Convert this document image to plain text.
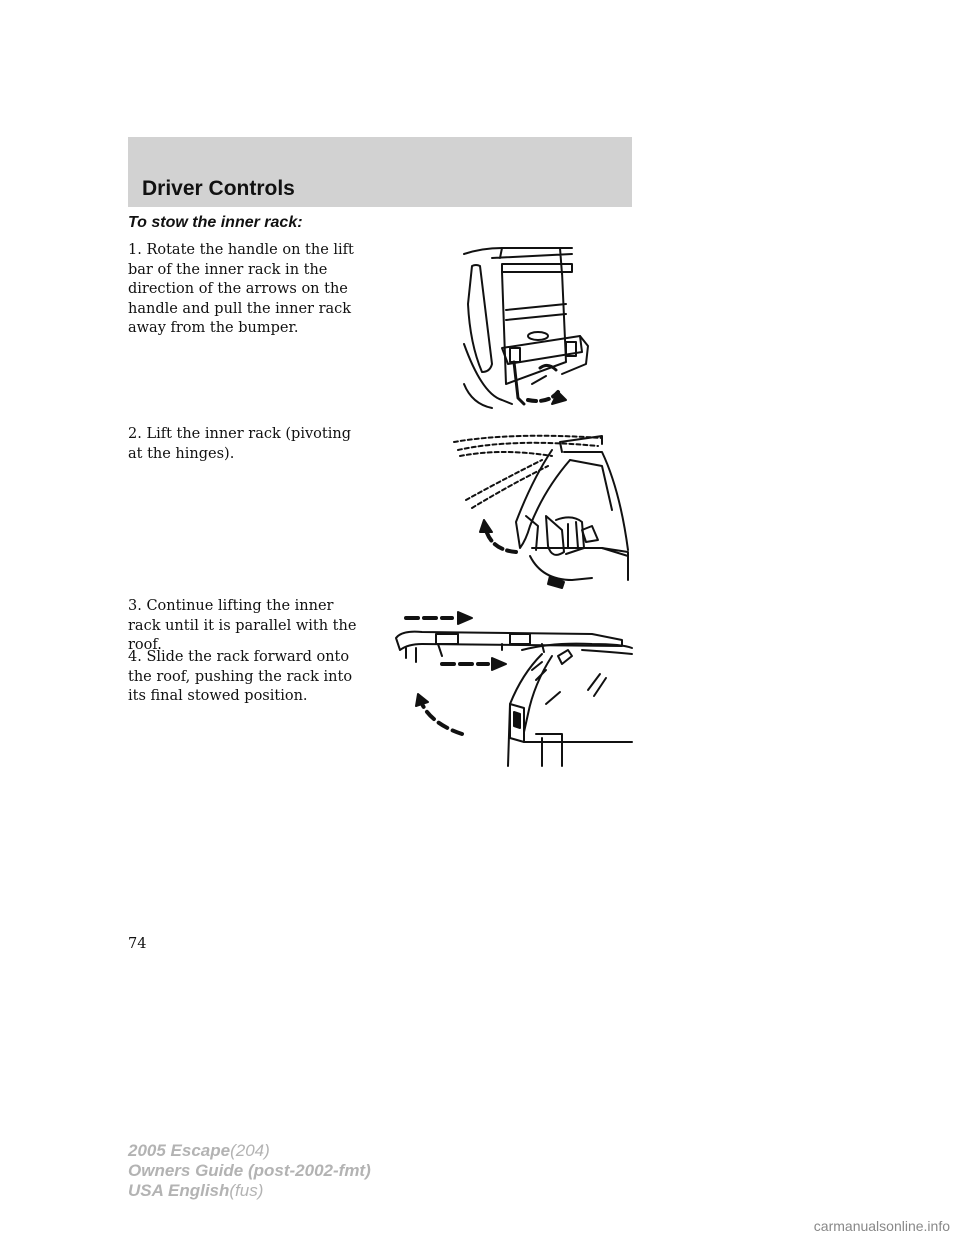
Driver Controls
To stow the inner rack:

1. Rotate the handle on the lift bar of the inner rack in the direction of the arrows on the handle and pull the inner rack away from the bumper.

2. Lift the inner rack (pivoting at the hinges).

3. Continue lifting the inner rack until it is parallel with the roof.

4. Slide the rack forward onto the roof, pushing the rack into its final stowed position.

74

2005 Escape(204)
Owners Guide (post-2002-fmt)
USA English(fus)
carmanualsonline.info
